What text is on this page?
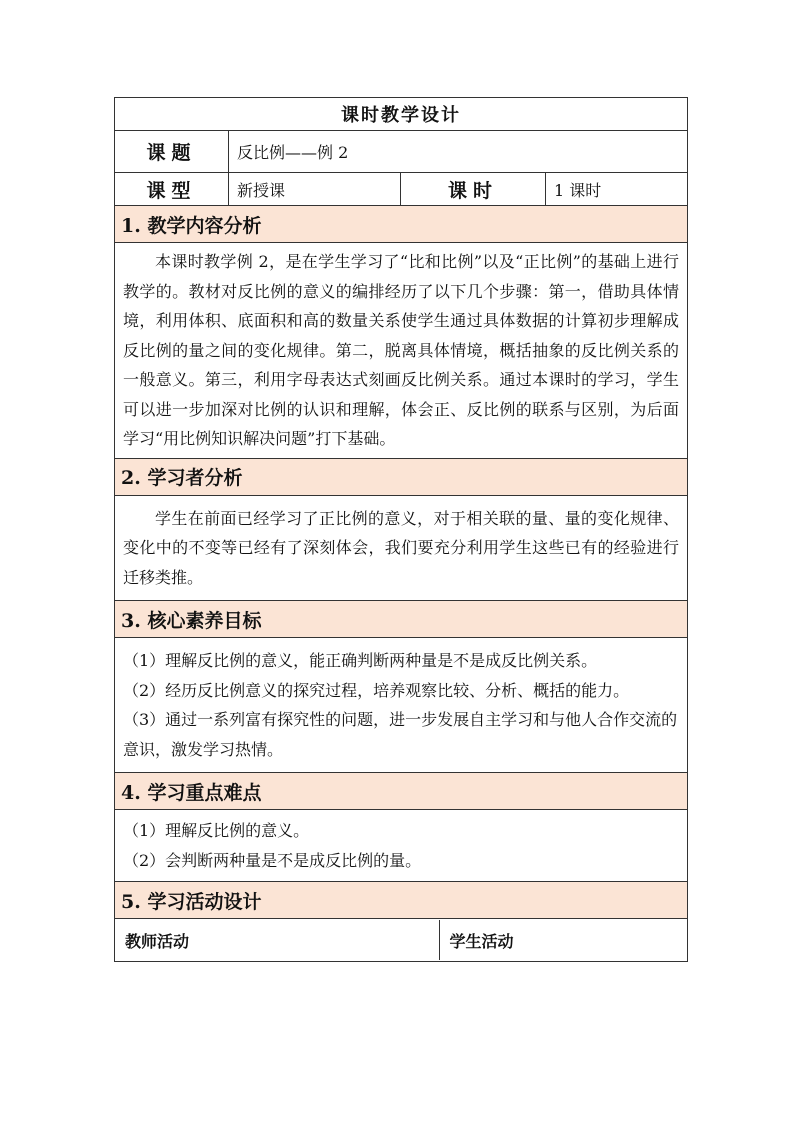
课时教学设计
课题	反比例——例 2
课型	新授课	课时	1 课时
1. 教学内容分析

本课时教学例 2，是在学生学习了“比和比例”以及“正比例”的基础上进行教学的。教材对反比例的意义的编排经历了以下几个步骤：第一，借助具体情境，利用体积、底面积和高的数量关系使学生通过具体数据的计算初步理解成反比例的量之间的变化规律。第二，脱离具体情境，概括抽象的反比例关系的一般意义。第三，利用字母表达式刻画反比例关系。通过本课时的学习，学生可以进一步加深对比例的认识和理解，体会正、反比例的联系与区别，为后面学习“用比例知识解决问题”打下基础。

2. 学习者分析

学生在前面已经学习了正比例的意义，对于相关联的量、量的变化规律、变化中的不变等已经有了深刻体会，我们要充分利用学生这些已有的经验进行迁移类推。

3. 核心素养目标

（1）理解反比例的意义，能正确判断两种量是不是成反比例关系。

（2）经历反比例意义的探究过程，培养观察比较、分析、概括的能力。

（3）通过一系列富有探究性的问题，进一步发展自主学习和与他人合作交流的意识，激发学习热情。

4. 学习重点难点

（1）理解反比例的意义。

（2）会判断两种量是不是成反比例的量。

5. 学习活动设计

教师活动	学生活动
